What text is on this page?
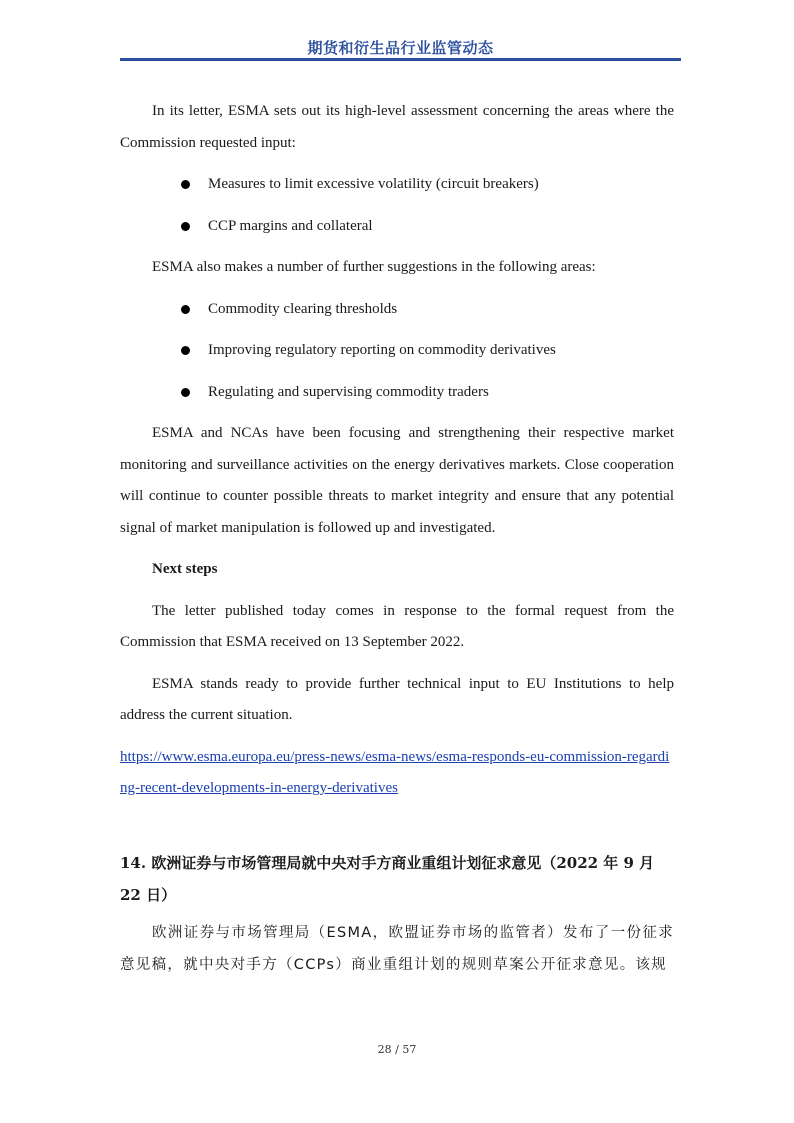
期货和衍生品行业监管动态

In its letter, ESMA sets out its high-level assessment concerning the areas where the Commission requested input:

Measures to limit excessive volatility (circuit breakers)
CCP margins and collateral

ESMA also makes a number of further suggestions in the following areas:

Commodity clearing thresholds
Improving regulatory reporting on commodity derivatives
Regulating and supervising commodity traders

ESMA and NCAs have been focusing and strengthening their respective market monitoring and surveillance activities on the energy derivatives markets. Close cooperation will continue to counter possible threats to market integrity and ensure that any potential signal of market manipulation is followed up and investigated.

Next steps

The letter published today comes in response to the formal request from the Commission that ESMA received on 13 September 2022.

ESMA stands ready to provide further technical input to EU Institutions to help address the current situation.

https://www.esma.europa.eu/press-news/esma-news/esma-responds-eu-commission-regarding-recent-developments-in-energy-derivatives

14. 欧洲证券与市场管理局就中央对手方商业重组计划征求意见（2022 年 9 月 22 日）

欧洲证券与市场管理局（ESMA，欧盟证券市场的监管者）发布了一份征求意见稿，就中央对手方（CCPs）商业重组计划的规则草案公开征求意见。该规

28 / 57
